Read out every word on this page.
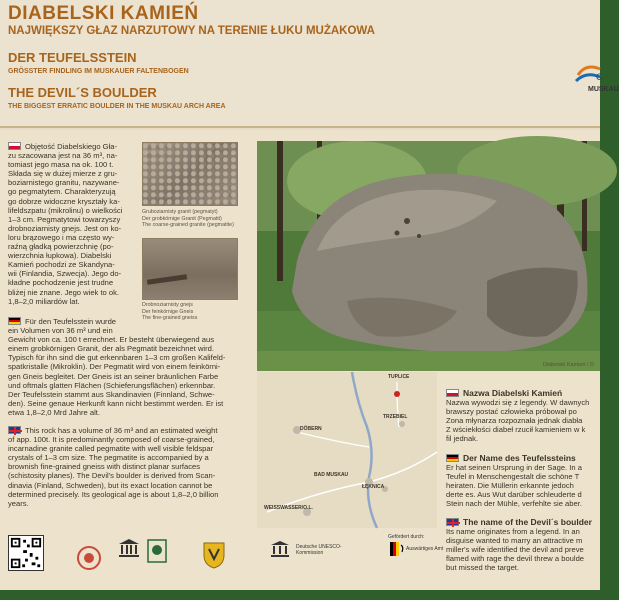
DIABELSKI KAMIEŃ
NAJWIĘKSZY GŁAZ NARZUTOWY NA TERENIE ŁUKU MUŻAKOWA
DER TEUFELSSTEIN
GRÖSSTER FINDLING IM MUSKAUER FALTENBOGEN
THE DEVIL´S BOULDER
THE BIGGEST ERRATIC BOULDER IN THE MUSKAU ARCH AREA
G
MUSKAU
Objętość Diabelskiego Gła-
zu szacowana jest na 36 m³, na-
tomiast jego masa na ok. 100 t.
Składa się w dużej mierze z gru-
boziarnistego granitu, nazywane-
go pegmatytem. Charakteryzują
go dobrze widoczne kryształy ka-
lifeldszpatu (mikrolinu) o wielkości
1–3 cm. Pegmatytowi towarzyszy
drobnoziarnisty gnejs. Jest on ko-
loru brązowego i ma często wy-
raźną gładką powierzchnię (po-
wierzchnia łupkowa). Diabelski
Kamień pochodzi ze Skandyna-
wii (Finlandia, Szwecja). Jego do-
kładne pochodzenie jest trudne
bliżej nie znane. Jego wiek to ok.
1,8–2,0 miliardów lat.
Gruboziarnisty granit (pegmatyt)
Der grobkörnige Granit (Pegmatit)
The coarse-grained granite (pegmatite)
Drobnoziarnisty gnejs
Der feinkörnige Gneis
The fine-grained gneiss
Für den Teufelsstein wurde
ein Volumen von 36 m³ und ein
Gewicht von ca. 100 t errechnet. Er besteht überwiegend aus
einem grobkörnigen Granit, der als Pegmatit bezeichnet wird.
Typisch für ihn sind die gut erkennbaren 1–3 cm großen Kalifeld-
spatkristalle (Mikroklin). Der Pegmatit wird von einem feinkörni-
gen Gneis begleitet. Der Gneis ist an seiner bräunlichen Farbe
und oftmals glatten Flächen (Schieferungsflächen) erkennbar.
Der Teufelsstein stammt aus Skandinavien (Finnland, Schwe-
den). Seine genaue Herkunft kann nicht bestimmt werden. Er ist
etwa 1,8–2,0 Mrd Jahre alt.
This rock has a volume of 36 m³ and an estimated weight
of app. 100t. It is predominantly composed of coarse-grained,
incarnadine granite called pegmatite with well visible feldspar
crystals of 1–3 cm size. The pegmatite is accompanied by a
brownish fine-grained gneiss with distinct planar surfaces
(schistosity planes). The Devil's boulder is derived from Scan-
dinavia (Finland, Schweden), but its exact location cannot be
determined precisely. Its geological age is about 1,8–2,0 billion
years.
Diabelski Kamień / D
TUPLICE
TRZEBIEL
DÖBERN
BAD MUSKAU
ŁĘKNICA
WEISSWASSER/O.L.
Nazwa Diabelski Kamień
Nazwa wywodzi się z legendy. W dawnych
brawszy postać człowieka próbował po
Zona młynarza rozpoznała jednak diabła
Z wściekłości diabeł rzucił kamieniem w k
fil jednak.
Der Name des Teufelssteins
Er hat seinen Ursprung in der Sage. In a
Teufel in Menschengestalt die schöne T
heiraten. Die Müllerin erkannte jedoch
derte es. Aus Wut darüber schleuderte d
Stein nach der Mühle, verfehlte sie aber.
The name of the Devil´s boulder
Its name originates from a legend. In an
disguise wanted to marry an attractive m
miller's wife identified the devil and preve
flamed with rage the devil threw a boulde
but missed the target.
Deutsche UNESCO-Kommission
Gefördert durch:
Auswärtiges Amt
